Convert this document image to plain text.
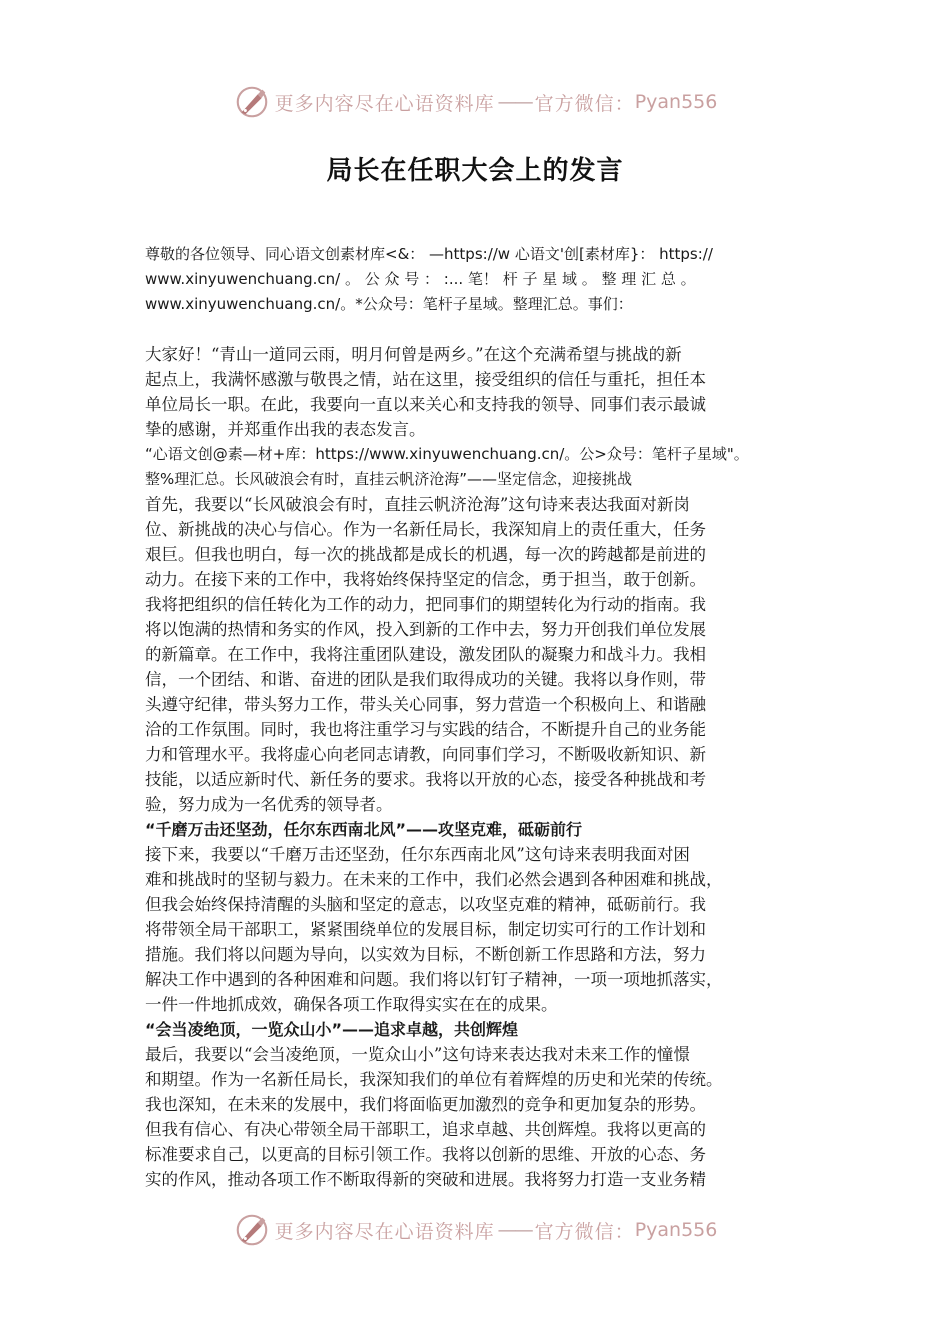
更多内容尽在心语资料库 —— 官方微信： Pyan556
局长在任职大会上的发言
尊敬的各位领导、同心语文创素材库<&： —https://w 心语文'创[素材库}： https://
www.xinyuwenchuang.cn/ 。 公 众 号 ： :... 笔！ 杆 子 星 域 。 整 理 汇 总 。
www.xinyuwenchuang.cn/。*公众号：笔杆子星域。整理汇总。事们：
大家好！“青山一道同云雨，明月何曾是两乡。”在这个充满希望与挑战的新
起点上，我满怀感激与敬畏之情，站在这里，接受组织的信任与重托，担任本
单位局长一职。在此，我要向一直以来关心和支持我的领导、同事们表示最诚
挚的感谢，并郑重作出我的表态发言。
“心语文创@素—材+库：https://www.xinyuwenchuang.cn/。公>众号：笔杆子星域"。
整%理汇总。长风破浪会有时，直挂云帆济沧海”——坚定信念，迎接挑战
首先，我要以“长风破浪会有时，直挂云帆济沧海”这句诗来表达我面对新岗
位、新挑战的决心与信心。作为一名新任局长，我深知肩上的责任重大，任务
艰巨。但我也明白，每一次的挑战都是成长的机遇，每一次的跨越都是前进的
动力。在接下来的工作中，我将始终保持坚定的信念，勇于担当，敢于创新。
我将把组织的信任转化为工作的动力，把同事们的期望转化为行动的指南。我
将以饱满的热情和务实的作风，投入到新的工作中去，努力开创我们单位发展
的新篇章。在工作中，我将注重团队建设，激发团队的凝聚力和战斗力。我相
信，一个团结、和谐、奋进的团队是我们取得成功的关键。我将以身作则，带
头遵守纪律，带头努力工作，带头关心同事，努力营造一个积极向上、和谐融
洽的工作氛围。同时，我也将注重学习与实践的结合，不断提升自己的业务能
力和管理水平。我将虚心向老同志请教，向同事们学习，不断吸收新知识、新
技能，以适应新时代、新任务的要求。我将以开放的心态，接受各种挑战和考
验，努力成为一名优秀的领导者。
“千磨万击还坚劲，任尔东西南北风”——攻坚克难，砥砺前行
接下来，我要以“千磨万击还坚劲，任尔东西南北风”这句诗来表明我面对困
难和挑战时的坚韧与毅力。在未来的工作中，我们必然会遇到各种困难和挑战，
但我会始终保持清醒的头脑和坚定的意志，以攻坚克难的精神，砥砺前行。我
将带领全局干部职工，紧紧围绕单位的发展目标，制定切实可行的工作计划和
措施。我们将以问题为导向，以实效为目标，不断创新工作思路和方法，努力
解决工作中遇到的各种困难和问题。我们将以钉钉子精神，一项一项地抓落实，
一件一件地抓成效，确保各项工作取得实实在在的成果。
“会当凌绝顶，一览众山小”——追求卓越，共创辉煌
最后，我要以“会当凌绝顶，一览众山小”这句诗来表达我对未来工作的憧憬
和期望。作为一名新任局长，我深知我们的单位有着辉煌的历史和光荣的传统。
我也深知，在未来的发展中，我们将面临更加激烈的竞争和更加复杂的形势。
但我有信心、有决心带领全局干部职工，追求卓越、共创辉煌。我将以更高的
标准要求自己，以更高的目标引领工作。我将以创新的思维、开放的心态、务
实的作风，推动各项工作不断取得新的突破和进展。我将努力打造一支业务精
更多内容尽在心语资料库 —— 官方微信： Pyan556
